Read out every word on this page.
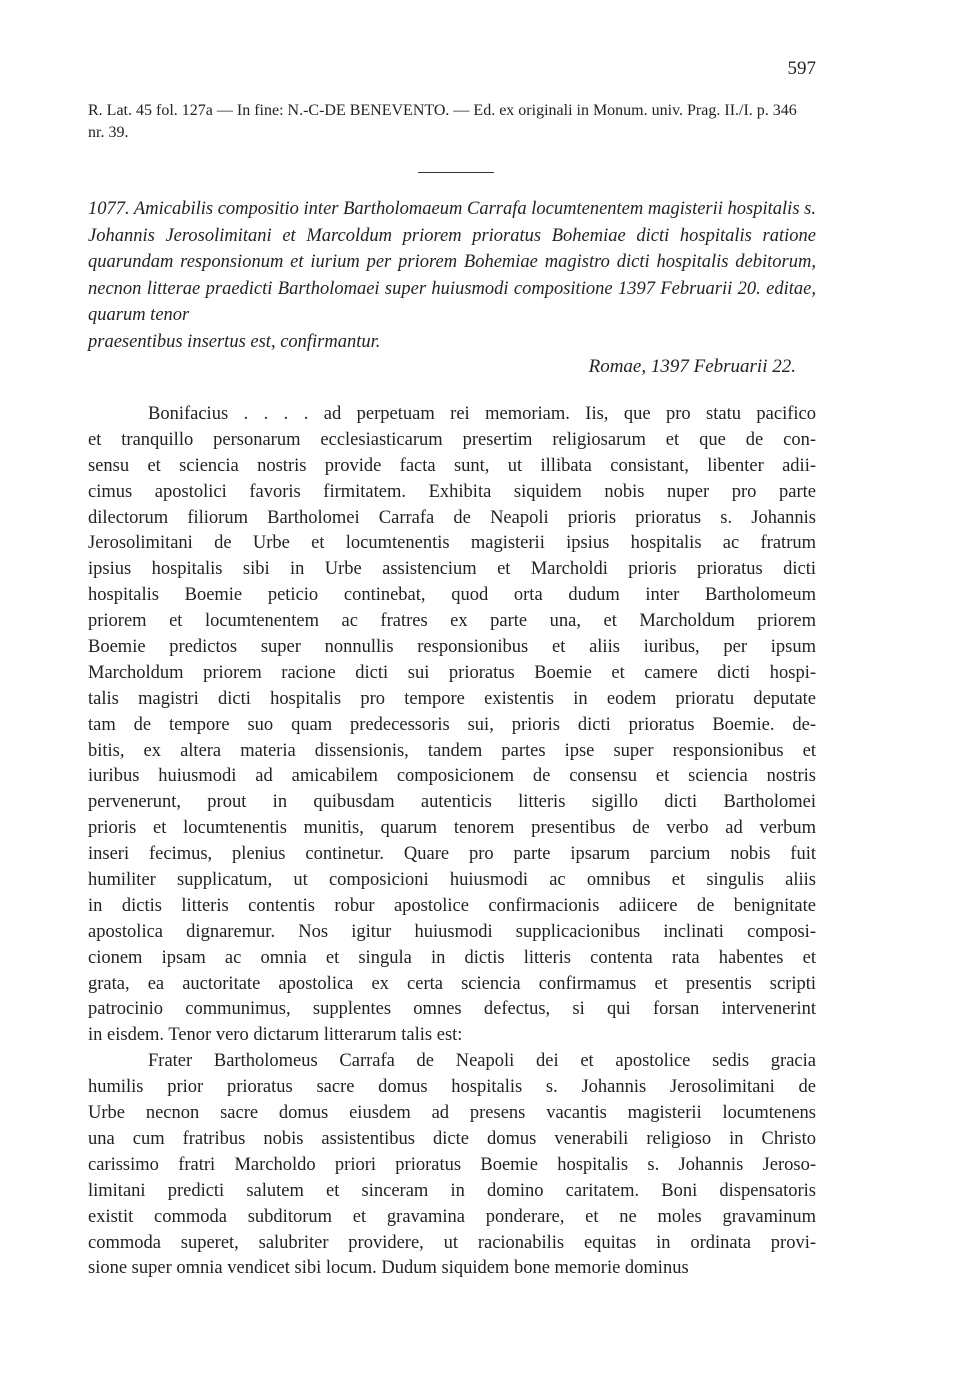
597
R. Lat. 45 fol. 127a — In fine: N.-C-DE BENEVENTO. — Ed. ex originali in Monum. univ. Prag. II./I. p. 346 nr. 39.
1077. Amicabilis compositio inter Bartholomaeum Carrafa locumtenentem magisterii hospitalis s. Johannis Jerosolimitani et Marcoldum priorem prioratus Bohemiae dicti hospitalis ratione quarundam responsionum et iurium per priorem Bohemiae magistro dicti hospitalis debitorum, necnon litterae praedicti Bartholomaei super huiusmodi compositione 1397 Februarii 20. editae, quarum tenor
praesentibus insertus est, confirmantur.
Romae, 1397 Februarii 22.
Bonifacius . . . . ad perpetuam rei memoriam. Iis, que pro statu pacifico
et tranquillo personarum ecclesiasticarum presertim religiosarum et que de con-
sensu et sciencia nostris provide facta sunt, ut illibata consistant, libenter adii-
cimus apostolici favoris firmitatem. Exhibita siquidem nobis nuper pro parte
dilectorum filiorum Bartholomei Carrafa de Neapoli prioris prioratus s. Johannis
Jerosolimitani de Urbe et locumtenentis magisterii ipsius hospitalis ac fratrum
ipsius hospitalis sibi in Urbe assistencium et Marcholdi prioris prioratus dicti
hospitalis Boemie peticio continebat, quod orta dudum inter Bartholomeum
priorem et locumtenentem ac fratres ex parte una, et Marcholdum priorem
Boemie predictos super nonnullis responsionibus et aliis iuribus, per ipsum
Marcholdum priorem racione dicti sui prioratus Boemie et camere dicti hospi-
talis magistri dicti hospitalis pro tempore existentis in eodem prioratu deputate
tam de tempore suo quam predecessoris sui, prioris dicti prioratus Boemie. de-
bitis, ex altera materia dissensionis, tandem partes ipse super responsionibus et
iuribus huiusmodi ad amicabilem composicionem de consensu et sciencia nostris
pervenerunt, prout in quibusdam autenticis litteris sigillo dicti Bartholomei
prioris et locumtenentis munitis, quarum tenorem presentibus de verbo ad verbum
inseri fecimus, plenius continetur. Quare pro parte ipsarum parcium nobis fuit
humiliter supplicatum, ut composicioni huiusmodi ac omnibus et singulis aliis
in dictis litteris contentis robur apostolice confirmacionis adiicere de benignitate
apostolica dignaremur. Nos igitur huiusmodi supplicacionibus inclinati composi-
cionem ipsam ac omnia et singula in dictis litteris contenta rata habentes et
grata, ea auctoritate apostolica ex certa sciencia confirmamus et presentis scripti
patrocinio communimus, supplentes omnes defectus, si qui forsan intervenerint
in eisdem. Tenor vero dictarum litterarum talis est:
Frater Bartholomeus Carrafa de Neapoli dei et apostolice sedis gracia
humilis prior prioratus sacre domus hospitalis s. Johannis Jerosolimitani de
Urbe necnon sacre domus eiusdem ad presens vacantis magisterii locumtenens
una cum fratribus nobis assistentibus dicte domus venerabili religioso in Christo
carissimo fratri Marcholdo priori prioratus Boemie hospitalis s. Johannis Jeroso-
limitani predicti salutem et sinceram in domino caritatem. Boni dispensatoris
existit commoda subditorum et gravamina ponderare, et ne moles gravaminum
commoda superet, salubriter providere, ut racionabilis equitas in ordinata provi-
sione super omnia vendicet sibi locum. Dudum siquidem bone memorie dominus
